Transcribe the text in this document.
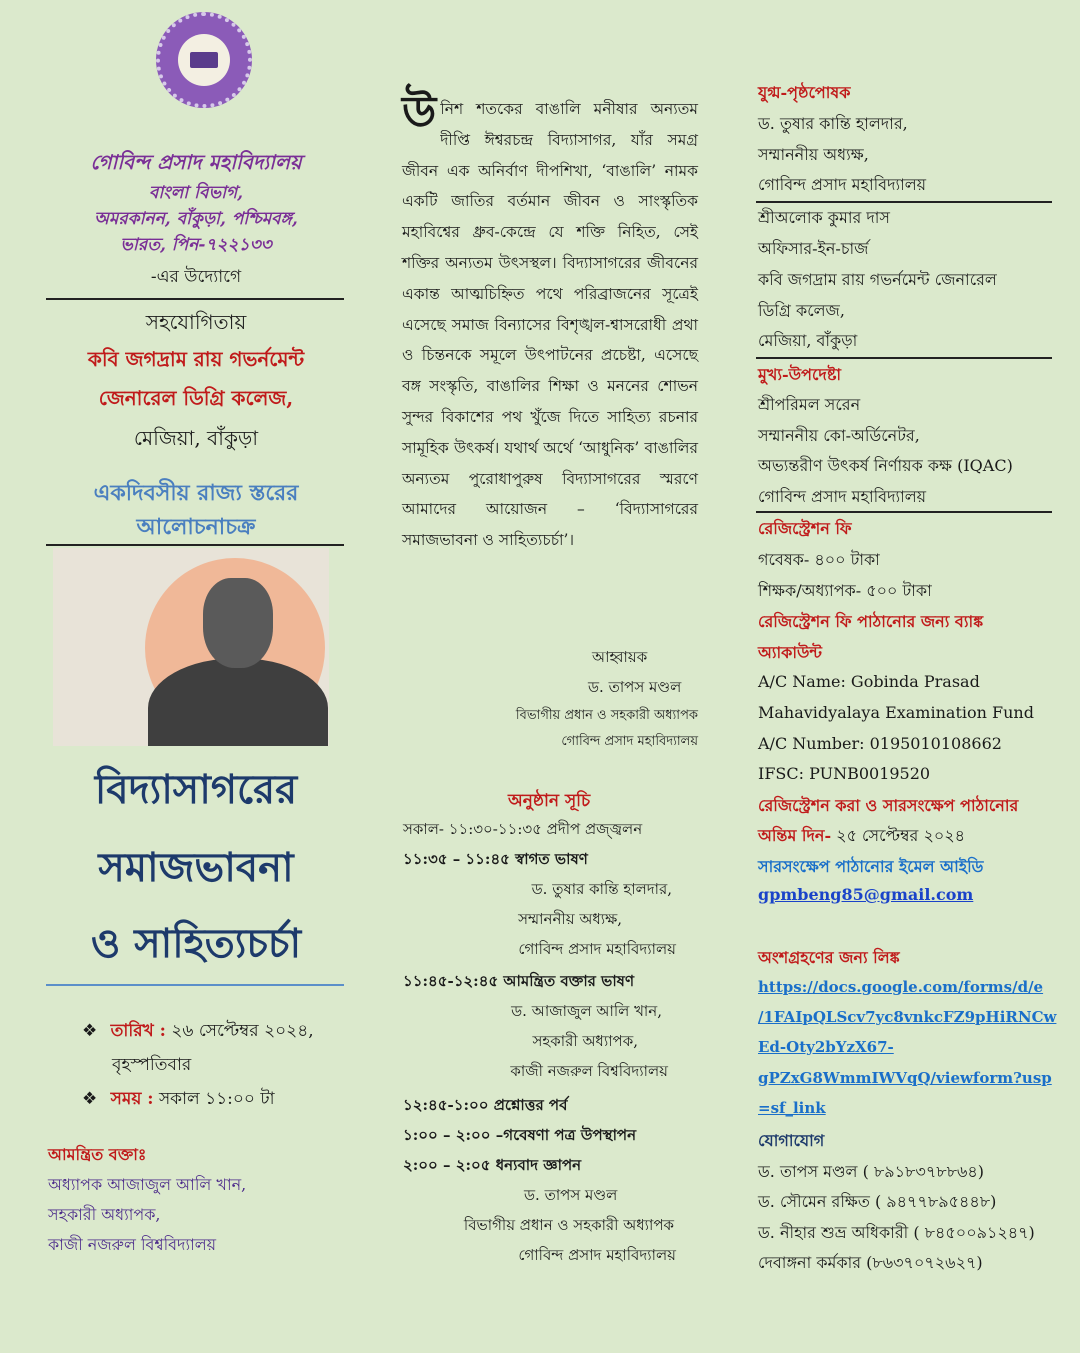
গোবিন্দ প্রসাদ মহাবিদ্যালয়
বাংলা বিভাগ,
অমরকানন, বাঁকুড়া, পশ্চিমবঙ্গ,
ভারত, পিন-৭২২১৩৩
-এর উদ্যোগে
সহযোগিতায়
কবি জগদ্রাম রায় গভর্নমেন্ট
জেনারেল ডিগ্রি কলেজ,
মেজিয়া, বাঁকুড়া
একদিবসীয় রাজ্য স্তরের
আলোচনাচক্র
বিদ্যাসাগরের
সমাজভাবনা
ও সাহিত্যচর্চা
❖ তারিখ : ২৬ সেপ্টেম্বর ২০২৪,
বৃহস্পতিবার
❖ সময় : সকাল ১১:০০ টা
আমন্ত্রিত বক্তাঃ
অধ্যাপক আজাজুল আলি খান,
সহকারী অধ্যাপক,
কাজী নজরুল বিশ্ববিদ্যালয়
উনিশ শতকের বাঙালি মনীষার অন্যতম দীপ্তি ঈশ্বরচন্দ্র বিদ্যাসাগর, যাঁর সমগ্র জীবন এক অনির্বাণ দীপশিখা, ‘বাঙালি’ নামক একটি জাতির বর্তমান জীবন ও সাংস্কৃতিক মহাবিশ্বের ধ্রুব-কেন্দ্রে যে শক্তি নিহিত, সেই শক্তির অন্যতম উৎসস্থল। বিদ্যাসাগরের জীবনের একান্ত আত্মচিহ্নিত পথে পরিব্রাজনের সূত্রেই এসেছে সমাজ বিন্যাসের বিশৃঙ্খল-শ্বাসরোধী প্রথা ও চিন্তনকে সমূলে উৎপাটনের প্রচেষ্টা, এসেছে বঙ্গ সংস্কৃতি, বাঙালির শিক্ষা ও মননের শোভন সুন্দর বিকাশের পথ খুঁজে দিতে সাহিত্য রচনার সামূহিক উৎকর্ষ। যথার্থ অর্থে ‘আধুনিক’ বাঙালির অন্যতম পুরোধাপুরুষ বিদ্যাসাগরের স্মরণে আমাদের আয়োজন – ‘বিদ্যাসাগরের সমাজভাবনা ও সাহিত্যচর্চা’।
আহ্বায়ক
ড. তাপস মণ্ডল
বিভাগীয় প্রধান ও সহকারী অধ্যাপক
গোবিন্দ প্রসাদ মহাবিদ্যালয়
অনুষ্ঠান সূচি
সকাল- ১১:৩০-১১:৩৫ প্রদীপ প্রজ্জ্বলন
১১:৩৫ – ১১:৪৫ স্বাগত ভাষণ
ড. তুষার কান্তি হালদার,
সম্মাননীয় অধ্যক্ষ,
গোবিন্দ প্রসাদ মহাবিদ্যালয়
১১:৪৫-১২:৪৫ আমন্ত্রিত বক্তার ভাষণ
ড. আজাজুল আলি খান,
সহকারী অধ্যাপক,
কাজী নজরুল বিশ্ববিদ্যালয়
১২:৪৫-১:০০ প্রশ্নোত্তর পর্ব
১:০০ – ২:০০ –গবেষণা পত্র উপস্থাপন
২:০০ – ২:০৫ ধন্যবাদ জ্ঞাপন
ড. তাপস মণ্ডল
বিভাগীয় প্রধান ও সহকারী অধ্যাপক
গোবিন্দ প্রসাদ মহাবিদ্যালয়
যুগ্ম-পৃষ্ঠপোষক
ড. তুষার কান্তি হালদার,
সম্মাননীয় অধ্যক্ষ,
গোবিন্দ প্রসাদ মহাবিদ্যালয়
শ্রীঅলোক কুমার দাস
অফিসার-ইন-চার্জ
কবি জগদ্রাম রায় গভর্নমেন্ট জেনারেল
ডিগ্রি কলেজ,
মেজিয়া, বাঁকুড়া
মুখ্য-উপদেষ্টা
শ্রীপরিমল সরেন
সম্মাননীয় কো-অর্ডিনেটর,
অভ্যন্তরীণ উৎকর্ষ নির্ণায়ক কক্ষ (IQAC)
গোবিন্দ প্রসাদ মহাবিদ্যালয়
রেজিস্ট্রেশন ফি
গবেষক- ৪০০ টাকা
শিক্ষক/অধ্যাপক- ৫০০ টাকা
রেজিস্ট্রেশন ফি পাঠানোর জন্য ব্যাঙ্ক
অ্যাকাউন্ট
A/C Name: Gobinda Prasad
Mahavidyalaya Examination Fund
A/C Number: 0195010108662
IFSC: PUNB0019520
রেজিস্ট্রেশন করা ও সারসংক্ষেপ পাঠানোর
অন্তিম দিন- ২৫ সেপ্টেম্বর ২০২৪
সারসংক্ষেপ পাঠানোর ইমেল আইডি
gpmbeng85@gmail.com
অংশগ্রহণের জন্য লিঙ্ক
https://docs.google.com/forms/d/e
/1FAIpQLScv7yc8vnkcFZ9pHiRNCw
Ed-Oty2bYzX67-
gPZxG8WmmIWVqQ/viewform?usp
=sf_link
যোগাযোগ
ড. তাপস মণ্ডল ( ৮৯১৮৩৭৮৮৬৪)
ড. সৌমেন রক্ষিত ( ৯৪৭৭৮৯৫৪৪৮)
ড. নীহার শুভ্র অধিকারী ( ৮৪৫০০৯১২৪৭)
দেবাঙ্গনা কর্মকার (৮৬৩৭০৭২৬২৭)
